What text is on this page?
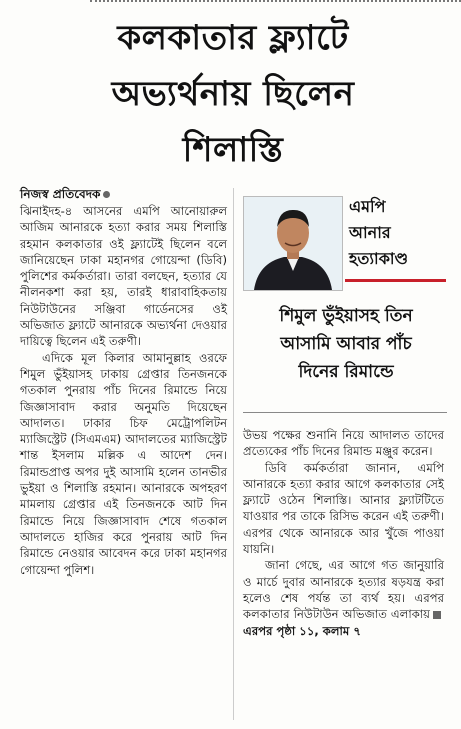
কলকাতার ফ্ল্যাটে
অভ্যর্থনায় ছিলেন
শিলাস্তি
নিজস্ব প্রতিবেদক

ঝিনাইদহ-৪ আসনের এমপি আনোয়ারুল আজিম আনারকে হত্যা করার সময় শিলাস্তি রহমান কলকাতার ওই ফ্ল্যাটেই ছিলেন বলে জানিয়েছেন ঢাকা মহানগর গোয়েন্দা (ডিবি) পুলিশের কর্মকর্তারা। তারা বলছেন, হত্যার যে নীলনকশা করা হয়, তারই ধারাবাহিকতায় নিউটাউনের সঞ্জিবা গার্ডেনসের ওই অভিজাত ফ্ল্যাটে আনারকে অভ্যর্থনা দেওয়ার দায়িত্বে ছিলেন এই তরুণী।

এদিকে মূল কিলার আমানুল্লাহ ওরফে শিমুল ভুঁইয়াসহ ঢাকায় গ্রেপ্তার তিনজনকে গতকাল পুনরায় পাঁচ দিনের রিমান্ডে নিয়ে জিজ্ঞাসাবাদ করার অনুমতি দিয়েছেন আদালত। ঢাকার চিফ মেট্রোপলিটন ম্যাজিস্ট্রেট (সিএমএম) আদালতের ম্যাজিস্ট্রেট শান্ত ইসলাম মল্লিক এ আদেশ দেন। রিমান্ডপ্রাপ্ত অপর দুই আসামি হলেন তানভীর ভুইয়া ও শিলাস্তি রহমান। আনারকে অপহরণ মামলায় গ্রেপ্তার এই তিনজনকে আট দিন রিমান্ডে নিয়ে জিজ্ঞাসাবাদ শেষে গতকাল আদালতে হাজির করে পুনরায় আট দিন রিমান্ডে নেওয়ার আবেদন করে ঢাকা মহানগর গোয়েন্দা পুলিশ।

এমপি
আনার
হত্যাকাণ্ড
শিমুল ভুঁইয়াসহ তিন
আসামি আবার পাঁচ
দিনের রিমান্ডে

উভয় পক্ষের শুনানি নিয়ে আদালত তাদের প্রত্যেকের পাঁচ দিনের রিমান্ড মঞ্জুর করেন।

ডিবি কর্মকর্তারা জানান, এমপি আনারকে হত্যা করার আগে কলকাতার সেই ফ্ল্যাটে ওঠেন শিলাস্তি। আনার ফ্ল্যাটটিতে যাওয়ার পর তাকে রিসিভ করেন এই তরুণী। এরপর থেকে আনারকে আর খুঁজে পাওয়া যায়নি।

জানা গেছে, এর আগে গত জানুয়ারি ও মার্চে দুবার আনারকে হত্যার ষড়যন্ত্র করা হলেও শেষ পর্যন্ত তা ব্যর্থ হয়। এরপর কলকাতার নিউটাউন অভিজাত এলাকায়এরপর পৃষ্ঠা ১১, কলাম ৭
